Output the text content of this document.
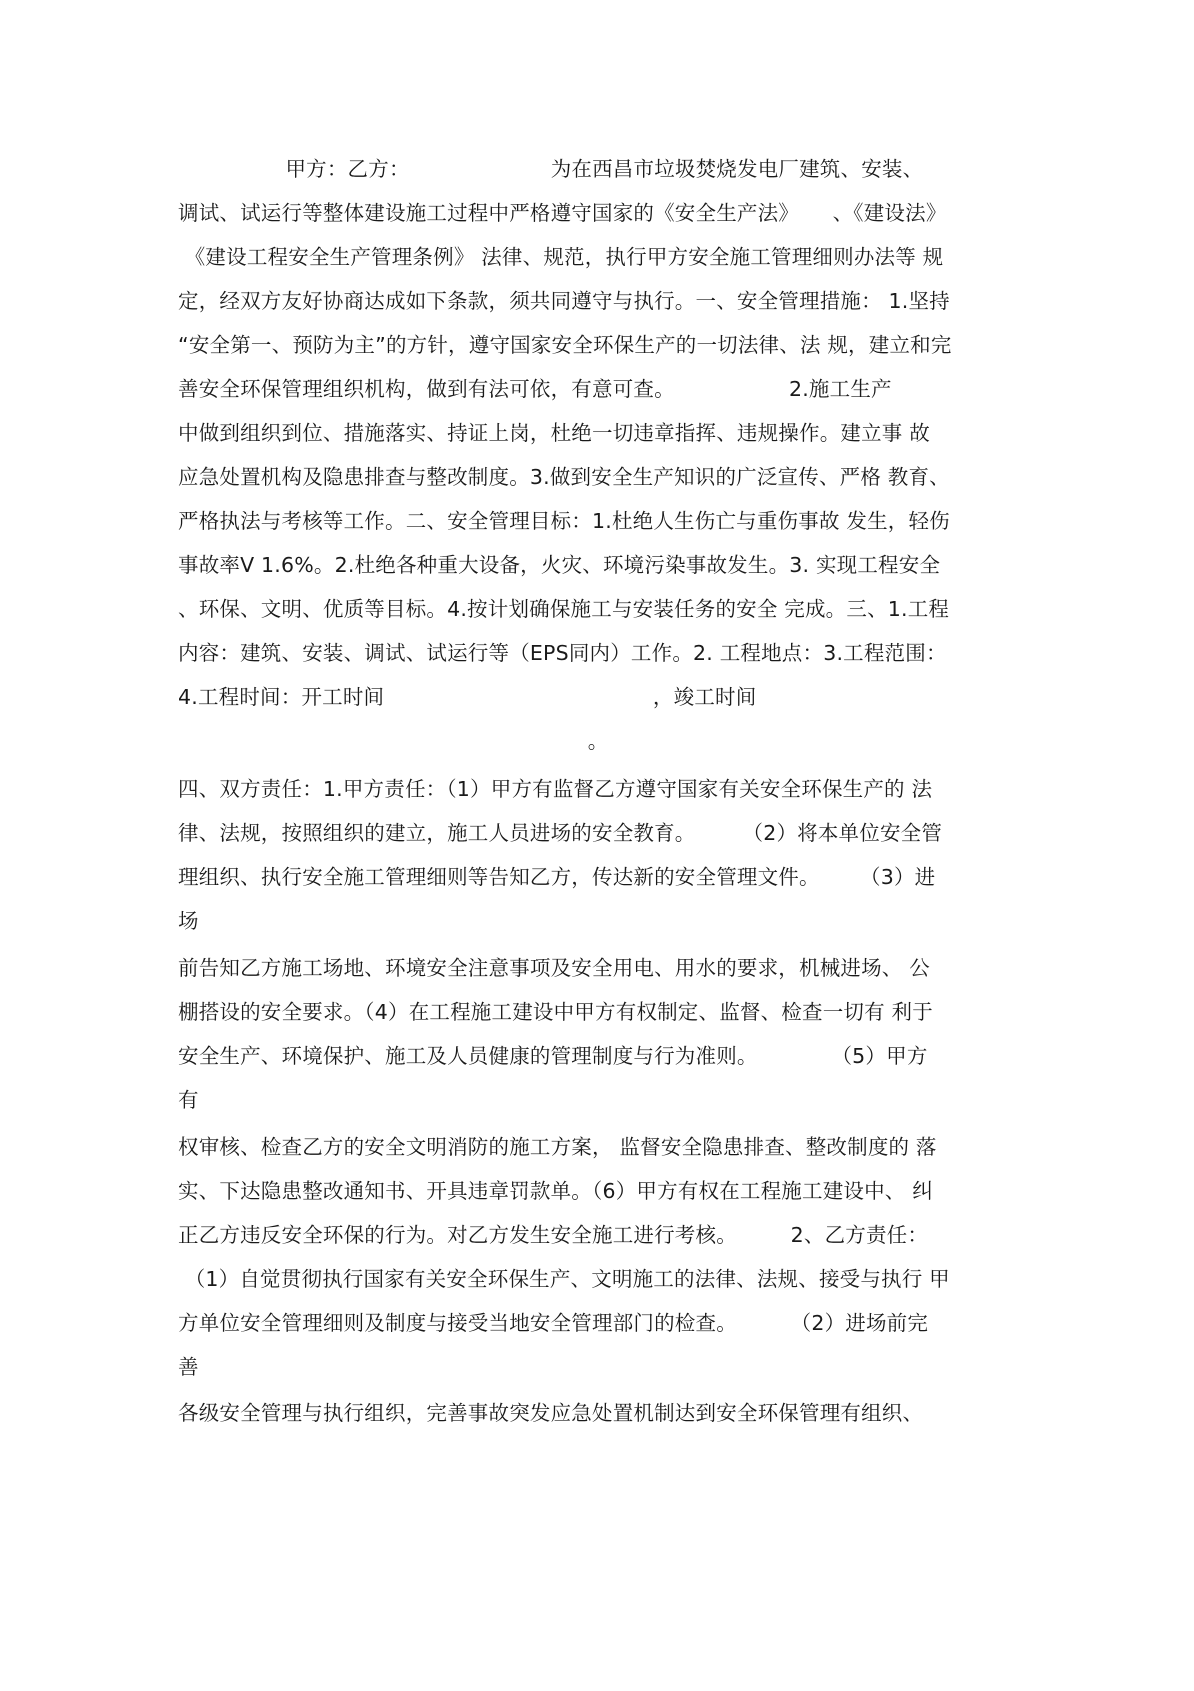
甲方：乙方：                     为在西昌市垃圾焚烧发电厂建筑、安装、
调试、试运行等整体建设施工过程中严格遵守国家的《安全生产法》     、《建设法》
《建设工程安全生产管理条例》 法律、规范，执行甲方安全施工管理细则办法等 规
定，经双方友好协商达成如下条款，须共同遵守与执行。一、安全管理措施： 1.坚持
“安全第一、预防为主”的方针，遵守国家安全环保生产的一切法律、法 规，建立和完
善安全环保管理组织机构，做到有法可依，有意可查。                 2.施工生产
中做到组织到位、措施落实、持证上岗，杜绝一切违章指挥、违规操作。建立事 故
应急处置机构及隐患排查与整改制度。3.做到安全生产知识的广泛宣传、严格 教育、
严格执法与考核等工作。二、安全管理目标：1.杜绝人生伤亡与重伤事故 发生，轻伤
事故率V 1.6%。2.杜绝各种重大设备，火灾、环境污染事故发生。3. 实现工程安全
、环保、文明、优质等目标。4.按计划确保施工与安装任务的安全 完成。三、1.工程
内容：建筑、安装、调试、试运行等（EPS同内）工作。2. 工程地点：3.工程范围：
4.工程时间：开工时间                                        ，竣工时间
。
四、双方责任：1.甲方责任：（1）甲方有监督乙方遵守国家有关安全环保生产的 法
律、法规，按照组织的建立，施工人员进场的安全教育。       （2）将本单位安全管
理组织、执行安全施工管理细则等告知乙方，传达新的安全管理文件。      （3）进
场
前告知乙方施工场地、环境安全注意事项及安全用电、用水的要求，机械进场、 公
棚搭设的安全要求。（4）在工程施工建设中甲方有权制定、监督、检查一切有 利于
安全生产、环境保护、施工及人员健康的管理制度与行为准则。           （5）甲方
有
权审核、检查乙方的安全文明消防的施工方案， 监督安全隐患排查、整改制度的 落
实、下达隐患整改通知书、开具违章罚款单。（6）甲方有权在工程施工建设中、 纠
正乙方违反安全环保的行为。对乙方发生安全施工进行考核。        2、乙方责任：
（1）自觉贯彻执行国家有关安全环保生产、文明施工的法律、法规、接受与执行 甲
方单位安全管理细则及制度与接受当地安全管理部门的检查。        （2）进场前完
善
各级安全管理与执行组织，完善事故突发应急处置机制达到安全环保管理有组织、
